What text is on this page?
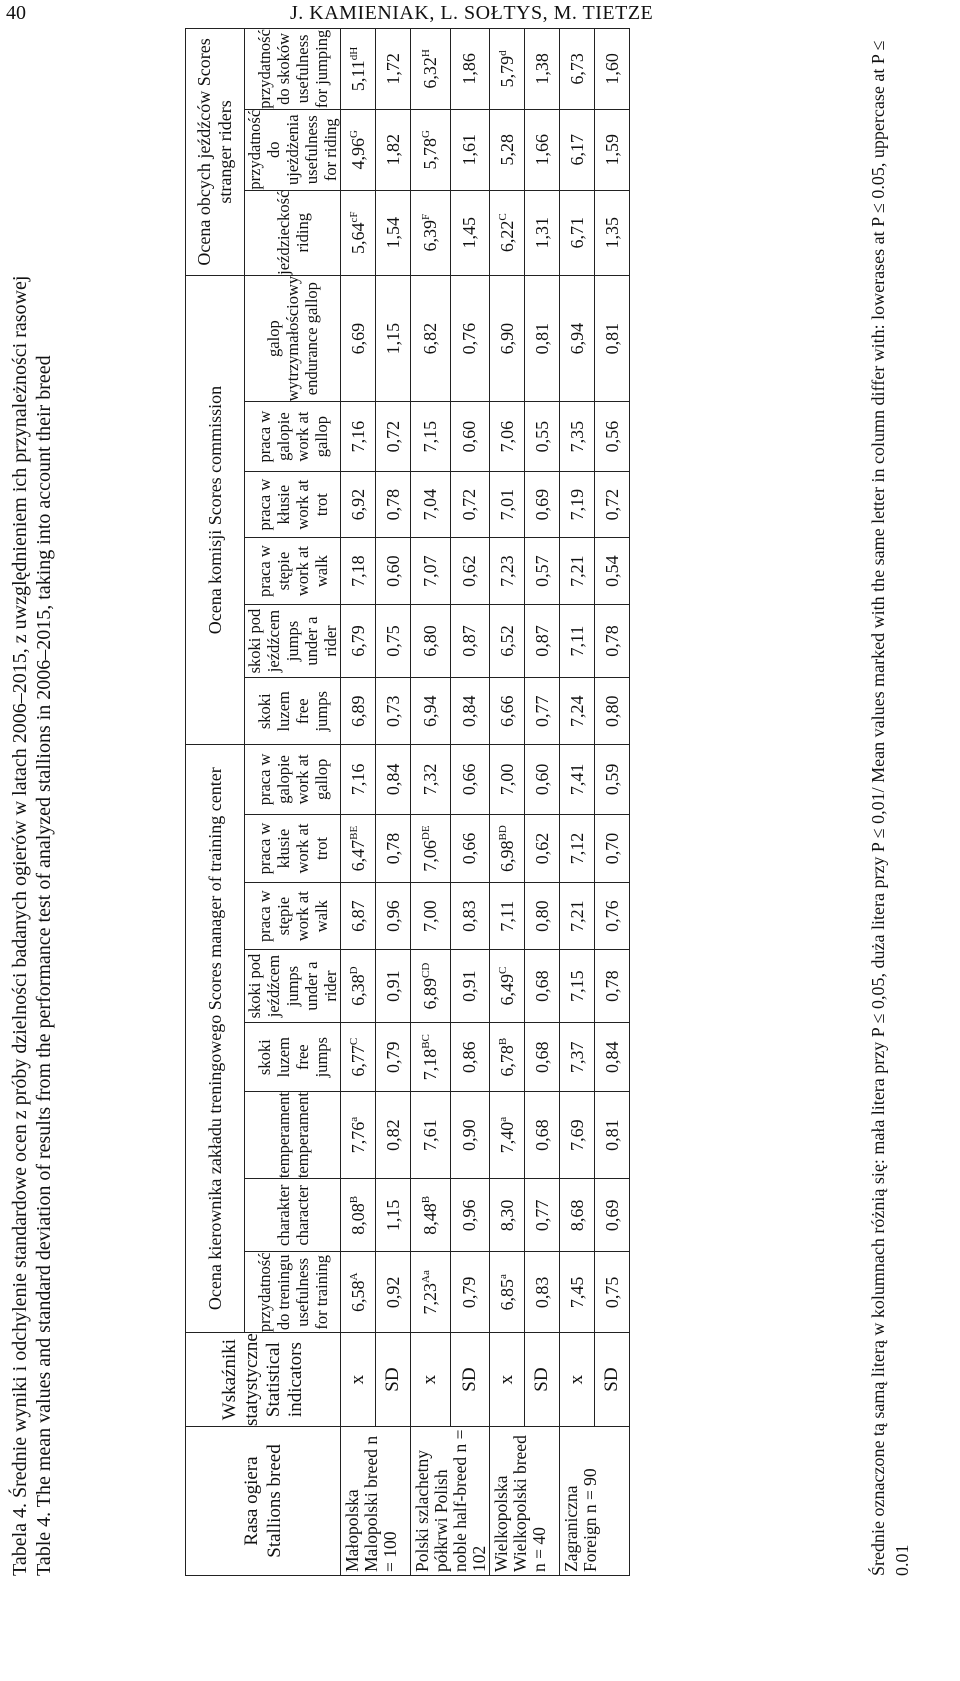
40	J. KAMIENIAK, L. SOŁTYS, M. TIETZE
Tabela 4. Średnie wyniki i odchylenie standardowe ocen z próby dzielności badanych ogierów w latach 2006–2015, z uwzględnieniem ich przynależności rasowej Table 4. The mean values and standard deviation of results from the performance test of analyzed stallions in 2006–2015, taking into account their breed	Rasa ogiera Stallions breed	Wskaźniki statystyczne Statistical indicators	Ocena kierownika zakładu treningowego Scores manager of training center								Ocena komisji Scores commission						Ocena obcych jeźdźców Scores stranger riders		
		przydatność do treningu usefulness for training	charakter character	temperament temperament	skoki luzem free jumps	skoki pod jeźdźcem jumps under a rider	praca w stępie work at walk	praca w kłusie work at trot	praca w galopie work at gallop	skoki luzem free jumps	skoki pod jeźdźcem jumps under a rider	praca w stępie work at walk	praca w kłusie work at trot	praca w galopie work at gallop	galop wytrzymałościowy endurance gallop	jeździeckość riding	przydatność do ujeżdżenia usefulness for riding	przydatność do skoków usefulness for jumping
Małopolska Malopolski breed n = 100	x	$6,58^A$	$8,08^B$	7,76$^a$	$6,77^C$	$6,38^D$	6,87	$6,47^{BE}$	7,16	6,89	6,79	7,18	6,92	7,16	6,69	$5,64^{cF}$	$4,96^G$	$5,11^{dH}$
	SD	0,92	1,15	0,82	0,79	0,91	0,96	0,78	0,84	0,73	0,75	0,60	0,78	0,72	1,15	1,54	1,82	1,72
Polski szlachetny półkrwi Polish noble half-breed n = 102	x	$7,23^{Aa}$	$8,48^B$	7,61	$7,18^{BC}$	$6,89^{CD}$	7,00	7,06DE	7,32	6,94	6,80	7,07	7,04	7,15	6,82	$6,39^F$	$5,78^G$	$6,32^H$
	SD	0,79	0,96	0,90	0,86	0,91	0,83	0,66	0,66	0,84	0,87	0,62	0,72	0,60	0,76	1,45	1,61	1,86
Wielkopolska Wielkopolski breed n = 40	x	6,85$^a$	8,30	7,40$^a$	$6,78^B$	$6,49^C$	7,11	$6,98^{BD}$	7,00	6,66	6,52	7,23	7,01	7,06	6,90	$6,22^C$	5,28	5,79$^d$
	SD	0,83	0,77	0,68	0,68	0,68	0,80	0,62	0,60	0,77	0,87	0,57	0,69	0,55	0,81	1,31	1,66	1,38
Zagraniczna Foreign n = 90	x	7,45	8,68	7,69	7,37	7,15	7,21	7,12	7,41	7,24	7,11	7,21	7,19	7,35	6,94	6,71	6,17	6,73
	SD	0,75	0,69	0,81	0,84	0,78	0,76	0,70	0,59	0,80	0,78	0,54	0,72	0,56	0,81	1,35	1,59	1,60	Średnie oznaczone tą samą literą w kolumnach różnią się: mała litera przy P ≤ 0,05, duża litera przy P ≤ 0,01/ Mean values marked with the same letter in column differ with: lowerases at P ≤ 0.05, uppercase at P ≤ 0.01
